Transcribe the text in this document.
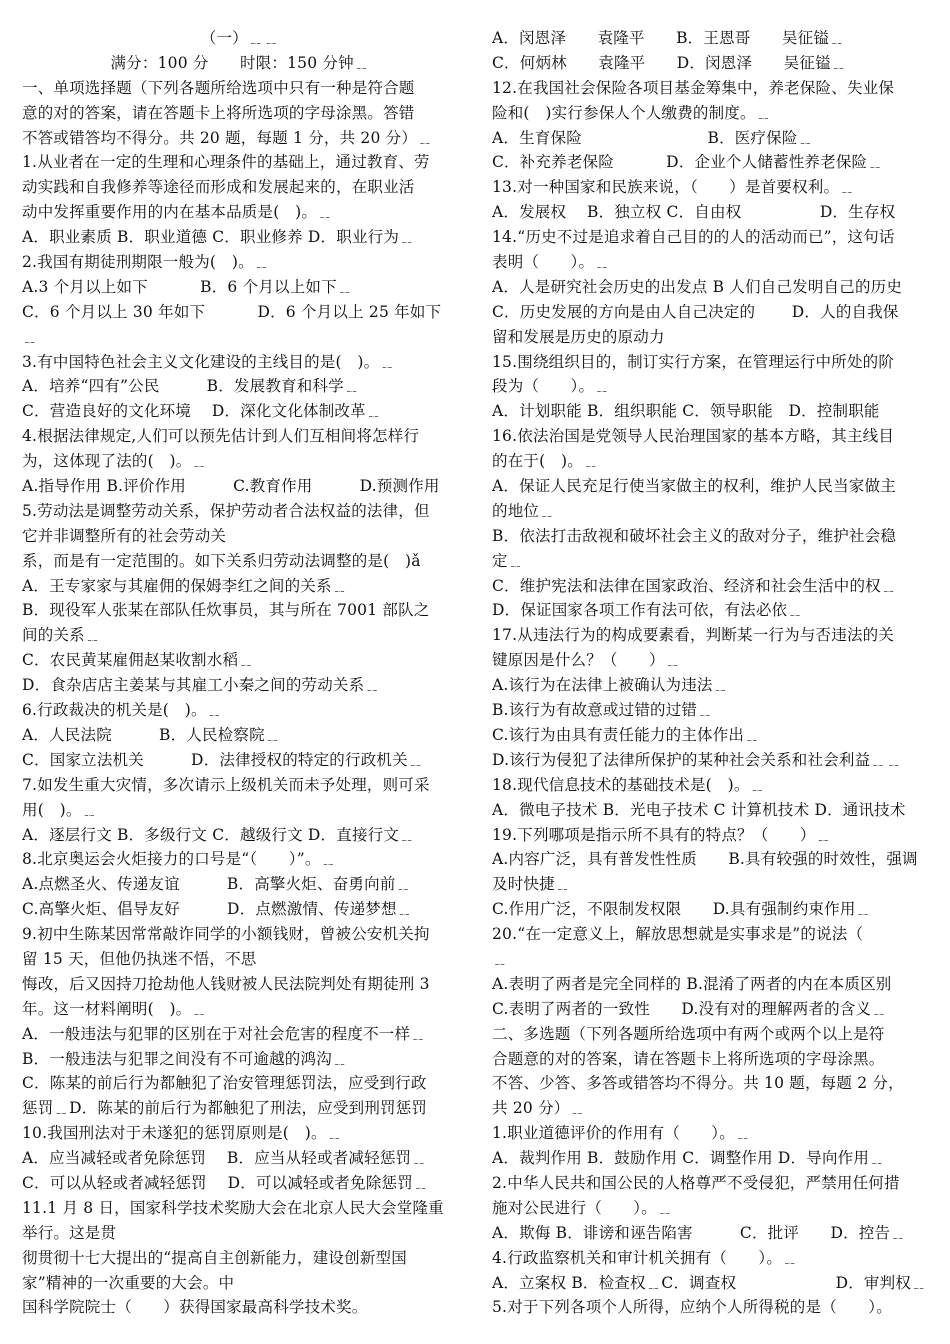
（一）﹎﹎
满分：100 分　　时限：150 分钟﹎
一、单项选择题（下列各题所给选项中只有一种是符合题
意的对的答案，请在答题卡上将所选项的字母涂黑。答错
不答或错答均不得分。共 20 题，每题 1 分，共 20 分）﹎
1.从业者在一定的生理和心理条件的基础上，通过教育、劳
动实践和自我修养等途径而形成和发展起来的，在职业活
动中发挥重要作用的内在基本品质是(　)。﹎
A．职业素质 B．职业道德 C．职业修养 D．职业行为﹎
2.我国有期徒刑期限一般为(　)。﹎
A.3 个月以上如下　　　 B．6 个月以上如下﹎
C．6 个月以上 30 年如下　　　 D．6 个月以上 25 年如下
﹎
3.有中国特色社会主义文化建设的主线目的是(　)。﹎
A．培养“四有”公民　　　B．发展教育和科学﹎
C．营造良好的文化环境　 D．深化文化体制改革﹎
4.根据法律规定,人们可以预先估计到人们互相间将怎样行
为，这体现了法的(　)。﹎
A.指导作用 B.评价作用　　　C.教育作用　　　D.预测作用
5.劳动法是调整劳动关系，保护劳动者合法权益的法律，但
它并非调整所有的社会劳动关
系，而是有一定范围的。如下关系归劳动法调整的是(　)ǎ
A．王专家家与其雇佣的保姆李红之间的关系﹎
B．现役军人张某在部队任炊事员，其与所在 7001 部队之
间的关系﹎
C．农民黄某雇佣赵某收割水稻﹎
D．食杂店店主姜某与其雇工小秦之间的劳动关系﹎
6.行政裁决的机关是(　)。﹎
A．人民法院　　　B．人民检察院﹎
C．国家立法机关　　　D．法律授权的特定的行政机关﹎
7.如发生重大灾情，多次请示上级机关而未予处理，则可采
用(　)。﹎
A．逐层行文 B．多级行文 C．越级行文 D．直接行文﹎
8.北京奥运会火炬接力的口号是“（　　）”。﹎
A.点燃圣火、传递友谊　　　B．高擎火炬、奋勇向前﹎
C.高擎火炬、倡导友好　　　D．点燃激情、传递梦想﹎
9.初中生陈某因常常敲诈同学的小额钱财，曾被公安机关拘
留 15 天，但他仍执迷不悟，不思
悔改，后又因持刀抢劫他人钱财被人民法院判处有期徒刑 3
年。这一材料阐明(　)。﹎
A．一般违法与犯罪的区别在于对社会危害的程度不一样﹎
B．一般违法与犯罪之间没有不可逾越的鸿沟﹎
C．陈某的前后行为都触犯了治安管理惩罚法，应受到行政
惩罚﹎D．陈某的前后行为都触犯了刑法，应受到刑罚惩罚
10.我国刑法对于未遂犯的惩罚原则是(　)。﹎
A．应当减轻或者免除惩罚　 B．应当从轻或者减轻惩罚﹎
C．可以从轻或者减轻惩罚　 D．可以减轻或者免除惩罚﹎
11.1 月 8 日，国家科学技术奖励大会在北京人民大会堂隆重
举行。这是贯
彻贯彻十七大提出的“提高自主创新能力，建设创新型国
家”精神的一次重要的大会。中
国科学院院士（　　）获得国家最高科学技术奖。
A．闵恩泽　　袁隆平　　B．王恩哥　　吴征镒﹎
C．何炳林　　袁隆平　　D．闵恩泽　　吴征镒﹎
12.在我国社会保险各项目基金筹集中，养老保险、失业保
险和(　)实行参保人个人缴费的制度。﹎
A．生育保险　　　　　　　　B．医疗保险﹎
C．补充养老保险　　　 D．企业个人储蓄性养老保险﹎
13.对一种国家和民族来说，（　　）是首要权利。﹎
A．发展权　 B．独立权 C．自由权　　　　　D．生存权
14.“历史不过是追求着自己目的的人的活动而已”，这句话
表明（　　）。﹎
A．人是研究社会历史的出发点 B 人们自己发明自己的历史
C．历史发展的方向是由人自己决定的　　 D．人的自我保
留和发展是历史的原动力
15.围绕组织目的，制订实行方案，在管理运行中所处的阶
段为（　　）。﹎
A．计划职能 B．组织职能 C．领导职能　D．控制职能
16.依法治国是党领导人民治理国家的基本方略，其主线目
的在于(　)。﹎
A．保证人民充足行使当家做主的权利，维护人民当家做主
的地位﹎
B．依法打击敌视和破坏社会主义的敌对分子，维护社会稳
定﹎
C．维护宪法和法律在国家政治、经济和社会生活中的权﹎
D．保证国家各项工作有法可依，有法必依﹎
17.从违法行为的构成要素看，判断某一行为与否违法的关
键原因是什么？（　　）﹎
A.该行为在法律上被确认为违法﹎
B.该行为有故意或过错的过错﹎
C.该行为由具有责任能力的主体作出﹎
D.该行为侵犯了法律所保护的某种社会关系和社会利益﹎﹎
18.现代信息技术的基础技术是(　)。﹎
A．微电子技术 B．光电子技术 C 计算机技术 D．通讯技术
19.下列哪项是指示所不具有的特点？（　　）﹎
A.内容广泛，具有普发性性质　　B.具有较强的时效性，强调
及时快捷﹎
C.作用广泛，不限制发权限　　D.具有强制约束作用﹎
20.“在一定意义上，解放思想就是实事求是”的说法（
﹎
A.表明了两者是完全同样的 B.混淆了两者的内在本质区别
C.表明了两者的一致性　　D.没有对的理解两者的含义﹎
二、多选题（下列各题所给选项中有两个或两个以上是符
合题意的对的答案，请在答题卡上将所选项的字母涂黑。
不答、少答、多答或错答均不得分。共 10 题，每题 2 分，
共 20 分）﹎
1.职业道德评价的作用有（　　）。﹎
A．裁判作用 B．鼓励作用 C．调整作用 D．导向作用﹎
2.中华人民共和国公民的人格尊严不受侵犯，严禁用任何措
施对公民进行（　　）。﹎
A．欺侮 B．诽谤和诬告陷害　　　C．批评　　D．控告﹎
4.行政监察机关和审计机关拥有（　　）。﹎
A．立案权 B．检查权﹎C．调查权　　　　　　 D．审判权﹎
5.对于下列各项个人所得，应纳个人所得税的是（　　）。
